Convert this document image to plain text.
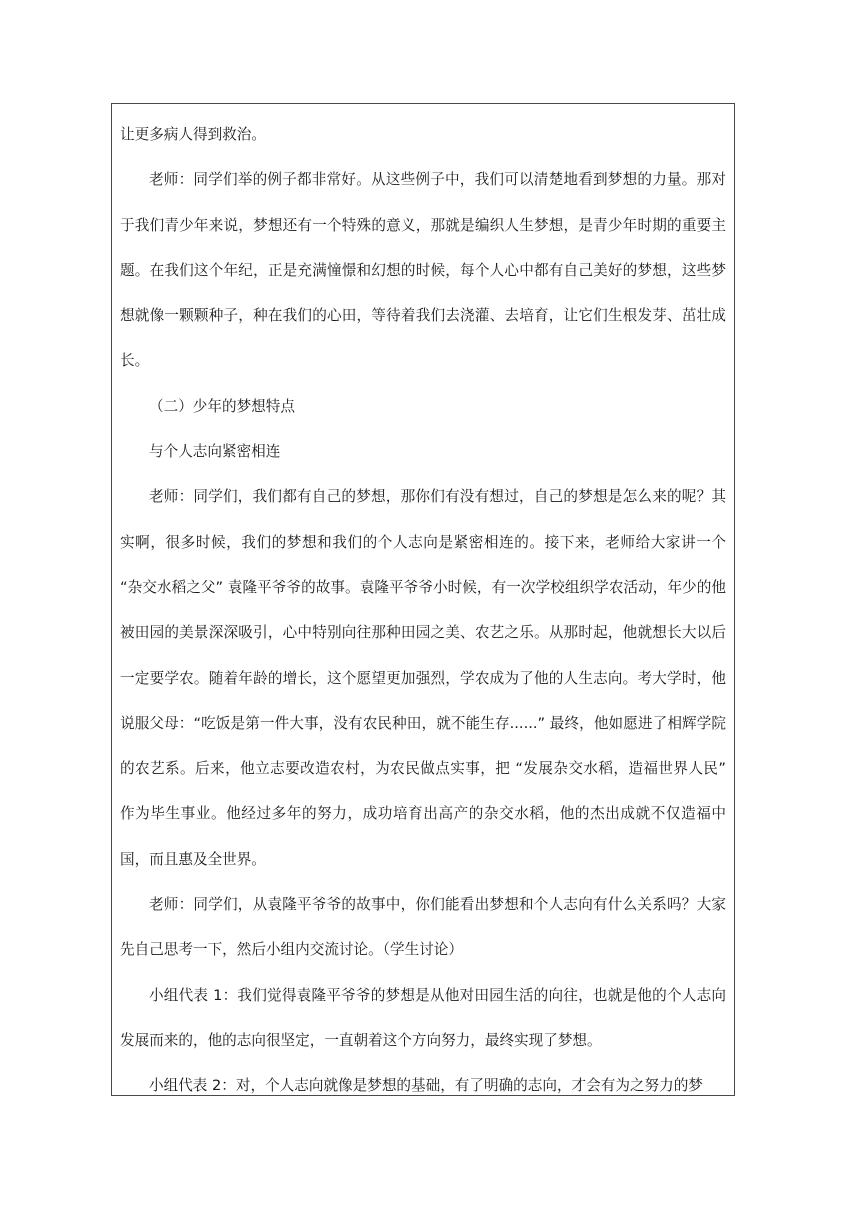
让更多病人得到救治。

老师：同学们举的例子都非常好。从这些例子中，我们可以清楚地看到梦想的力量。那对于我们青少年来说，梦想还有一个特殊的意义，那就是编织人生梦想，是青少年时期的重要主题。在我们这个年纪，正是充满憧憬和幻想的时候，每个人心中都有自己美好的梦想，这些梦想就像一颗颗种子，种在我们的心田，等待着我们去浇灌、去培育，让它们生根发芽、茁壮成长。

（二）少年的梦想特点

与个人志向紧密相连

老师：同学们，我们都有自己的梦想，那你们有没有想过，自己的梦想是怎么来的呢？其实啊，很多时候，我们的梦想和我们的个人志向是紧密相连的。接下来，老师给大家讲一个 “杂交水稻之父” 袁隆平爷爷的故事。袁隆平爷爷小时候，有一次学校组织学农活动，年少的他被田园的美景深深吸引，心中特别向往那种田园之美、农艺之乐。从那时起，他就想长大以后一定要学农。随着年龄的增长，这个愿望更加强烈，学农成为了他的人生志向。考大学时，他说服父母：“吃饭是第一件大事，没有农民种田，就不能生存......” 最终，他如愿进了相辉学院的农艺系。后来，他立志要改造农村，为农民做点实事，把 “发展杂交水稻，造福世界人民” 作为毕生事业。他经过多年的努力，成功培育出高产的杂交水稻，他的杰出成就不仅造福中国，而且惠及全世界。

老师：同学们，从袁隆平爷爷的故事中，你们能看出梦想和个人志向有什么关系吗？大家先自己思考一下，然后小组内交流讨论。（学生讨论）

小组代表 1：我们觉得袁隆平爷爷的梦想是从他对田园生活的向往，也就是他的个人志向发展而来的，他的志向很坚定，一直朝着这个方向努力，最终实现了梦想。

小组代表 2：对，个人志向就像是梦想的基础，有了明确的志向，才会有为之努力的梦
